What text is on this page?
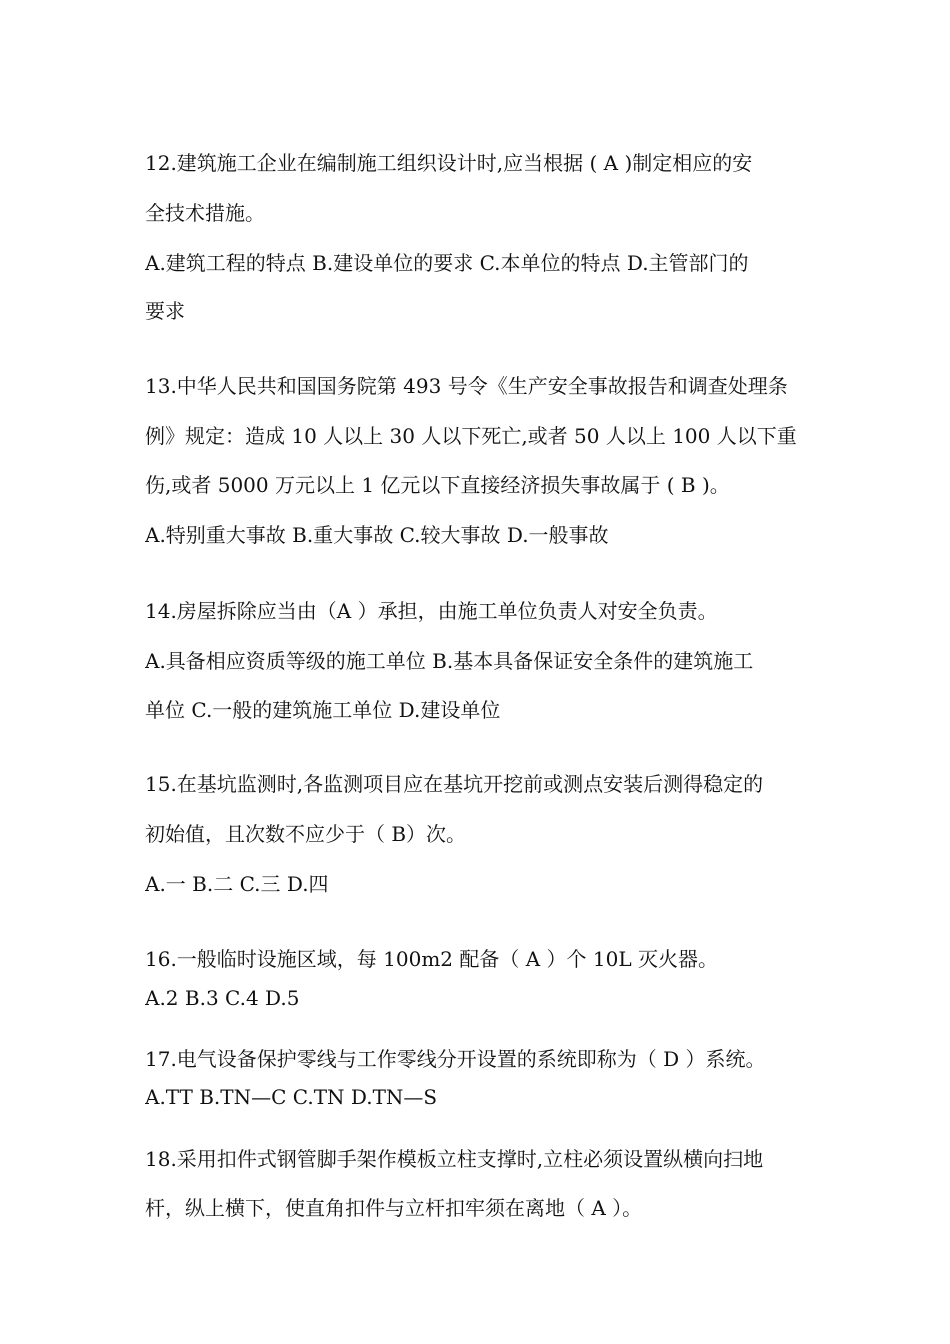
12.建筑施工企业在编制施工组织设计时,应当根据 ( A )制定相应的安
全技术措施。
A.建筑工程的特点 B.建设单位的要求 C.本单位的特点 D.主管部门的
要求
13.中华人民共和国国务院第 493 号令《生产安全事故报告和调查处理条
例》规定：造成 10 人以上 30 人以下死亡,或者 50 人以上 100 人以下重
伤,或者 5000 万元以上 1 亿元以下直接经济损失事故属于 ( B )。
A.特别重大事故 B.重大事故 C.较大事故 D.一般事故
14.房屋拆除应当由（A ）承担，由施工单位负责人对安全负责。
A.具备相应资质等级的施工单位 B.基本具备保证安全条件的建筑施工
单位 C.一般的建筑施工单位 D.建设单位
15.在基坑监测时,各监测项目应在基坑开挖前或测点安装后测得稳定的
初始值，且次数不应少于（ B）次。
A.一 B.二 C.三 D.四
16.一般临时设施区域，每 100m2 配备（ A ）个 10L 灭火器。
A.2 B.3 C.4 D.5
17.电气设备保护零线与工作零线分开设置的系统即称为（ D ）系统。
A.TT B.TN—C C.TN D.TN—S
18.采用扣件式钢管脚手架作模板立柱支撑时,立柱必须设置纵横向扫地
杆，纵上横下，使直角扣件与立杆扣牢须在离地（ A ）。
